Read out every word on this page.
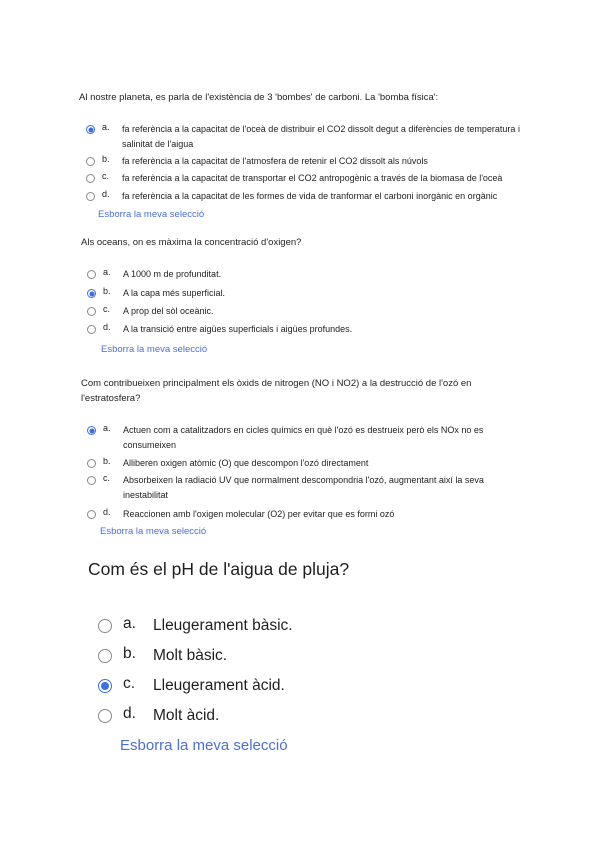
Al nostre planeta, es parla de l'existència de 3 'bombes' de carboni. La 'bomba física':

a.	fa referència a la capacitat de l'oceà de distribuir el CO2 dissolt degut a diferències de temperatura i salinitat de l'aigua
b.	fa referència a la capacitat de l'atmosfera de retenir el CO2 dissolt als núvols
c.	fa referència a la capacitat de transportar el CO2 antropogènic a través de la biomasa de l'oceà
d.	fa referència a la capacitat de les formes de vida de tranformar el carboni inorgànic en orgànic
Esborra la meva selecció

Als oceans, on es màxima la concentració d'oxigen?

a.	A 1000 m de profunditat.
b.	A la capa més superficial.
c.	A prop del sòl oceànic.
d.	A la transició entre aigües superficials i aigües profundes.
Esborra la meva selecció

Com contribueixen principalment els òxids de nitrogen (NO i NO2) a la destrucció de l'ozó en l'estratosfera?

a.	Actuen com a catalitzadors en cicles químics en què l'ozó es destrueix però els NOx no es consumeixen
b.	Alliberen oxigen atòmic (O) que descompon l'ozó directament
c.	Absorbeixen la radiació UV que normalment descompondria l'ozó, augmentant així la seva inestabilitat
d.	Reaccionen amb l'oxigen molecular (O2) per evitar que es formi ozó
Esborra la meva selecció

Com és el pH de l'aigua de pluja?

a.	Lleugerament bàsic.
b.	Molt bàsic.
c.	Lleugerament àcid.
d.	Molt àcid.
Esborra la meva selecció
